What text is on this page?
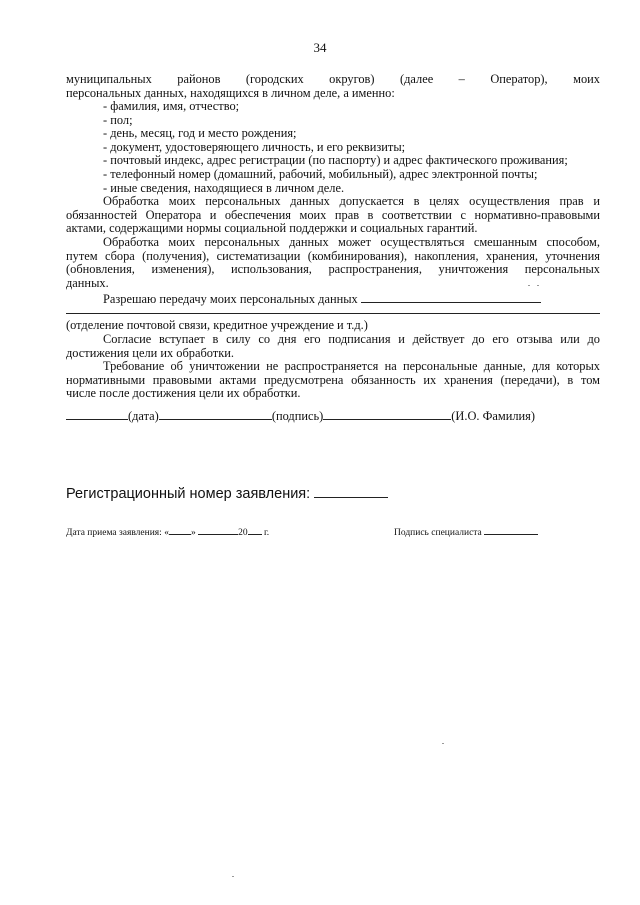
34
муниципальных районов (городских округов) (далее – Оператор), моих
персональных данных, находящихся в личном деле, а именно:
- фамилия, имя, отчество;
- пол;
- день, месяц, год и место рождения;
- документ, удостоверяющего личность, и его реквизиты;
- почтовый индекс, адрес регистрации (по паспорту) и адрес фактического проживания;
- телефонный номер (домашний, рабочий, мобильный), адрес электронной почты;
- иные сведения, находящиеся в личном деле.
Обработка моих персональных данных допускается в целях осуществления прав и
обязанностей Оператора и обеспечения моих прав в соответствии с нормативно-правовыми
актами, содержащими нормы социальной поддержки и социальных гарантий.
Обработка моих персональных данных может осуществляться смешанным способом,
путем сбора (получения), систематизации (комбинирования), накопления, хранения, уточнения
(обновления, изменения), использования, распространения, уничтожения персональных
данных.
Разрешаю передачу моих персональных данных
(отделение почтовой связи, кредитное учреждение и т.д.)
Согласие вступает в силу со дня его подписания и действует до его отзыва или до
достижения цели их обработки.
Требование об уничтожении не распространяется на персональные данные, для которых
нормативными правовыми актами предусмотрена обязанность их хранения (передачи), в том
числе после достижения цели их обработки.
(дата)	(подпись)	(И.О. Фамилия)
Регистрационный номер заявления:
Дата приема заявления: « »	20 г.	Подпись специалиста
